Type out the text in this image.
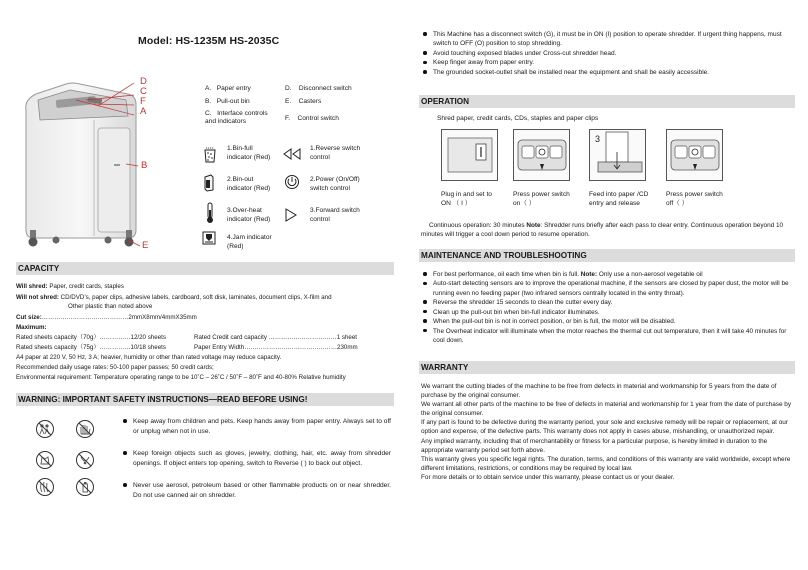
Model: HS-1235M HS-2035C
D
C
F
A
B
E
A. Paper entry
B. Pull-out bin
C. Interface controls and indicators
D. Disconnect switch
E. Casters
F. Control switch
1.Bin-full indicator (Red)
2.Bin-out indicator (Red)
3.Over-heat indicator (Red)
4.Jam indicator (Red)
1.Reverse switch control
2.Power (On/Off) switch control
3.Forward switch control
CAPACITY
Will shred: Paper, credit cards, staples
Will not shred: CD/DVD’s, paper clips, adhesive labels, cardboard, soft disk, laminates, document clips, X-film and
Other plastic than noted above
Cut size:……………………………………2mmX8mm/4mmX35mm
Maximum:
Rated sheets capacity（70g）……………12/20 sheets	Rated Credit card capacity ……………………………1 sheet
Rated sheets capacity（75g）……………10/18 sheets	Paper Entry Width………………………………………230mm
A4 paper at 220 V, 50 Hz, 3 A; heavier, humidity or other than rated voltage may reduce capacity.
Recommended daily usage rates: 50-100 paper passes; 50 credit cards;
Environmental requirement: Temperature operating range to be 10˚C – 26˚C / 50˚F – 80˚F and 40-80% Relative humidity
WARNING: IMPORTANT SAFETY INSTRUCTIONS—READ BEFORE USING!
Keep away from children and pets. Keep hands away from paper entry. Always set to off or unplug when not in use.
Keep foreign objects such as gloves, jewelry, clothing, hair, etc. away from shredder openings. If object enters top opening, switch to Reverse ( ) to back out object.
Never use aerosol, petroleum based or other flammable products on or near shredder. Do not use canned air on shredder.
This Machine has a disconnect switch (G), it must be in ON (I) position to operate shredder. If urgent thing happens, must switch to OFF (O) position to stop shredding.
Avoid touching exposed blades under Cross-cut shredder head.
Keep finger away from paper entry.
The grounded socket-outlet shall be installed near the equipment and shall be easily accessible.
OPERATION
Shred paper, credit cards, CDs, staples and paper clips
3
Plug in and set to ON （ I ）
Press power switch on（ ）
Feed into paper /CD entry and release
Press power switch off（ ）
Continuous operation: 30 minutes Note: Shredder runs briefly after each pass to clear entry. Continuous operation beyond 10 minutes will trigger a cool down period to resume operation.
MAINTENANCE AND TROUBLESHOOTING
For best performance, oil each time when bin is full. Note: Only use a non-aerosol vegetable oil
Auto-start detecting sensors are to improve the operational machine, if the sensors are closed by paper dust, the motor will be running even no feeding paper (two infrared sensors centrally located in the entry throat).
Reverse the shredder 15 seconds to clean the cutter every day.
Clean up the pull-out bin when bin-full indicator illuminates.
When the pull-out bin is not in correct position, or bin is full, the motor will be disabled.
The Overheat indicator will illuminate when the motor reaches the thermal cut out temperature, then it will take 40 minutes for cool down.
WARRANTY

We warrant the cutting blades of the machine to be free from defects in material and workmanship for 5 years from the date of purchase by the original consumer.

We warrant all other parts of the machine to be free of defects in material and workmanship for 1 year from the date of purchase by the original consumer.

If any part is found to be defective during the warranty period, your sole and exclusive remedy will be repair or replacement, at our option and expense, of the defective parts. This warranty does not apply in cases abuse, mishandling, or unauthorized repair.

Any implied warranty, including that of merchantability or fitness for a particular purpose, is hereby limited in duration to the appropriate warranty period set forth above.

This warranty gives you specific legal rights. The duration, terms, and conditions of this warranty are valid worldwide, except where different limitations, restrictions, or conditions may be required by local law.

For more details or to obtain service under this warranty, please contact us or your dealer.
